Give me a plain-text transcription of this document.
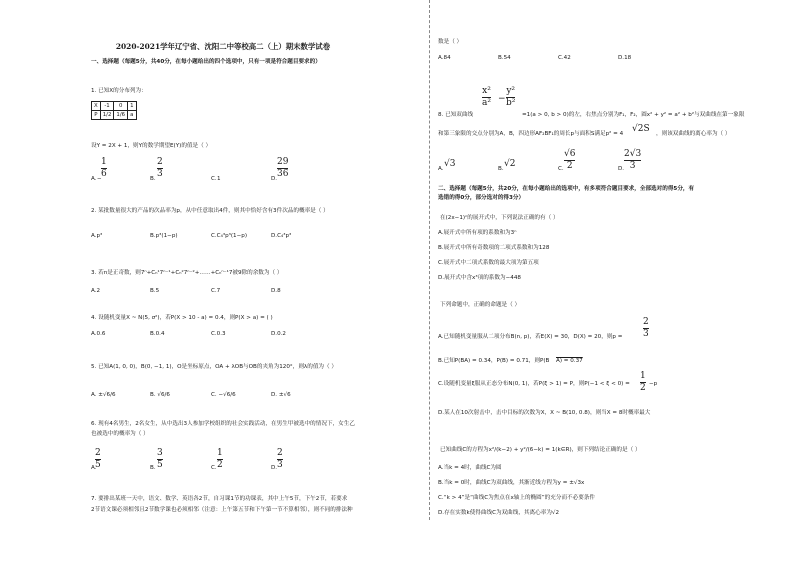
2020-2021学年辽宁省、沈阳二中等校高二（上）期末数学试卷
一、选择题（每题5分，共40分，在每小题给出的四个选项中，只有一项是符合题目要求的）
1. 已知X的分布列为：
X	-1	0	1
P	1/2	1/6	a
设Y = 2X + 1，则Y的数学期望E(Y)的值是（ ）
A. −
1
6	B.
2
3	C. 1	D.
29
36
2. 某批数量很大的产品的次品率为p，从中任意取出4件，则其中恰好含有3件次品的概率是（ ）
A.p³	B.p³(1−p)	C.C₄³p³(1−p)	D.C₄³p³
3. 若n是正奇数，则7ⁿ+Cₙ¹7ⁿ⁻¹+Cₙ²7ⁿ⁻²+……+Cₙⁿ⁻¹7被9除的余数为（ ）
A.2	B.5	C.7	D.8
4. 设随机变量X ~ N(5, σ²)，若P(X > 10 - a) = 0.4，则P(X > a) = ( )
A.0.6	B.0.4	C.0.3	D.0.2
5. 已知A(1, 0, 0)，B(0, −1, 1)，O是坐标原点，OA + λOB与OB的夹角为120°，则λ的值为（ ）
A. ±√6/6	B. √6/6	C. −√6/6	D. ±√6
6. 现有4名男生，2名女生，从中选出3人参加学校组织的社会实践活动，在男生甲被选中的情况下，女生乙
也被选中的概率为（ ）
A.
2
5	B.
3
5	C.
1
2	D.
2
3
7. 要排出某班一天中，语文、数学、英语各2节，自习课1节的功课表，其中上午5节，下午2节，若要求
2节语文课必须相邻且2节数学课也必须相邻（注意：上午第五节和下午第一节不算相邻），则不同的排法种
数是（ ）
A.84	B.54	C.42	D.18
8. 已知双曲线
x²
a² −
y²
b²
=1(a > 0, b > 0)的左，右焦点分别为F₁，F₂，圆x² + y² = a² + b²与双曲线在第一象限
和第三象限的交点分别为A，B，四边形AF₂BF₁的周长p与面积S满足p² = 4 √2S ，则该双曲线的离心率为（ ）
A. √3	B. √2	C.
√6
2	D.
2√3
3
二、选择题（每题5分，共20分，在每小题给出的选项中，有多项符合题目要求，全部选对的得5分，有
选错的得0分，部分选对的得3分）
在(2x−1)ⁿ的展开式中，下列说法正确的有（ ）
A.展开式中所有项的系数和为3ⁿ
B.展开式中所有奇数项的二项式系数和为128
C.展开式中二项式系数的最大项为第五项
D.展开式中含x³项的系数为−448
下列命题中，正确的命题是（ ）
A.已知随机变量服从二项分布B(n, p)，若E(X) = 30，D(X) = 20，则p =
2
3
B.已知P(BA) = 0.34，P(B) = 0.71，则P(B A) = 0.37
C.设随机变量ξ服从正态分布N(0, 1)，若P(ξ > 1) = P，则P(−1 < ξ < 0) =
1
2 −p
D.某人在10次射击中，击中目标的次数为X，X ~ B(10, 0.8)，则当X = 8时概率最大
已知曲线C的方程为x²/(k−2) + y²/(6−k) = 1(k∈R)，则下列结论正确的是（ ）
A.当k = 4时，曲线C为圆
B.当k = 0时，曲线C为双曲线，其渐近线方程为y = ±√3x
C.“k > 4”是“曲线C为焦点在x轴上的椭圆”的充分而不必要条件
D.存在实数k使得曲线C为双曲线，其离心率为√2
